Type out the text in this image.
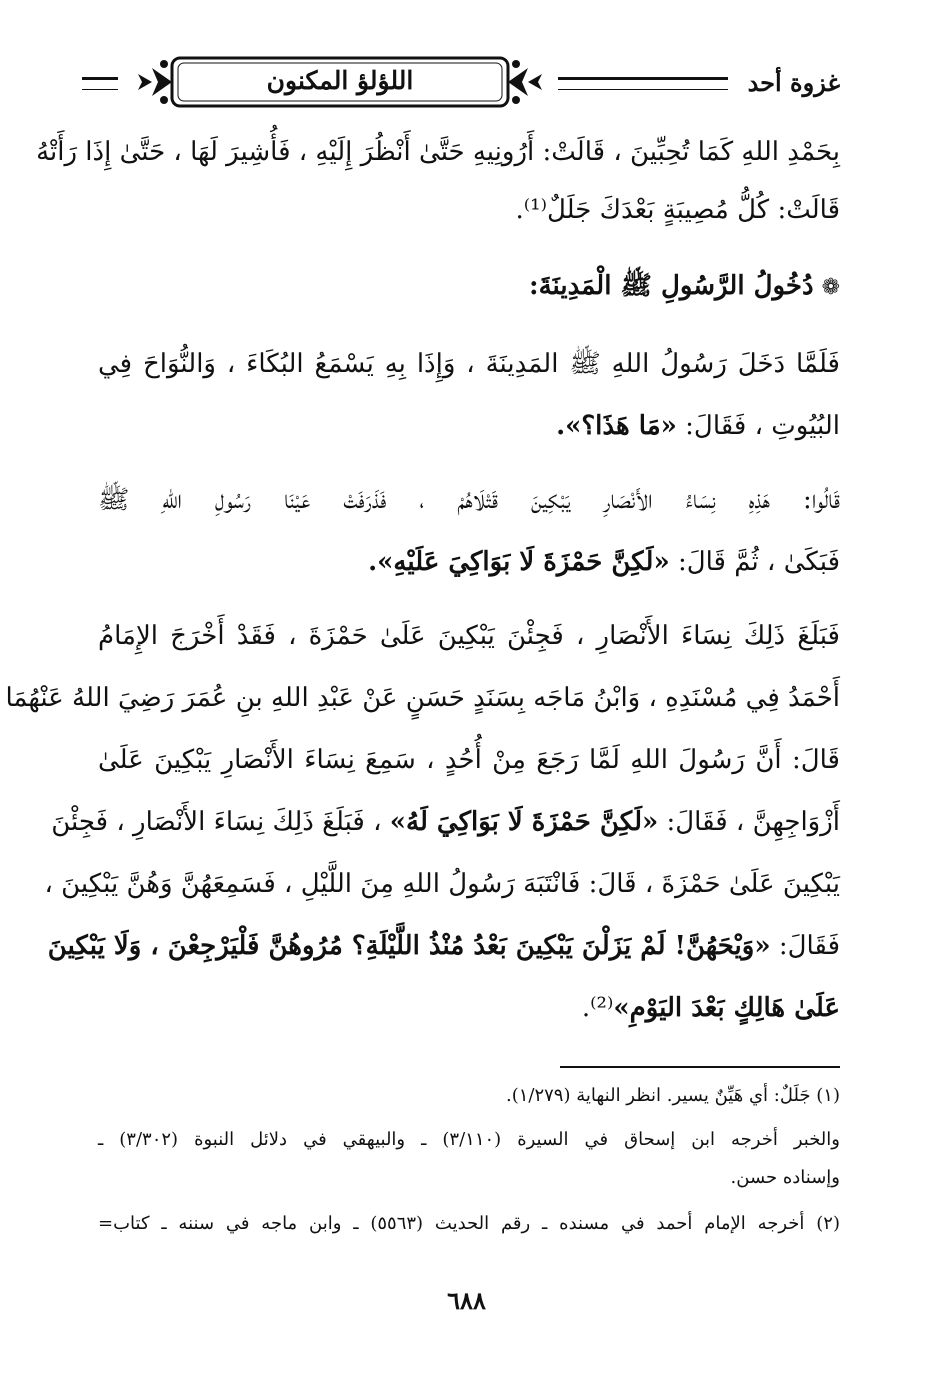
غزوة أحد
اللؤلؤ المكنون
بِحَمْدِ اللهِ كَمَا تُحِبِّينَ ، قَالَتْ: أَرُونِيهِ حَتَّىٰ أَنْظُرَ إِلَيْهِ ، فَأُشِيرَ لَهَا ، حَتَّىٰ إِذَا رَأَتْهُ
قَالَتْ: كُلُّ مُصِيبَةٍ بَعْدَكَ جَلَلٌ⁽¹⁾.
❁دُخُولُ الرَّسُولِ ﷺ الْمَدِينَةَ:
فَلَمَّا دَخَلَ رَسُولُ اللهِ ﷺ المَدِينَةَ ، وَإِذَا بِهِ يَسْمَعُ البُكَاءَ ، وَالنُّوَاحَ فِي
البُيُوتِ ، فَقَالَ: «مَا هَذَا؟».
قَالُوا: هَذِهِ نِسَاءُ الأَنْصَارِ يَبْكِينَ قَتْلَاهُمْ ، فَذَرَفَتْ عَيْنَا رَسُولِ اللهِ ﷺ
فَبَكَىٰ ، ثُمَّ قَالَ: «لَكِنَّ حَمْزَةَ لَا بَوَاكِيَ عَلَيْهِ».
فَبَلَغَ ذَلِكَ نِسَاءَ الأَنْصَارِ ، فَجِئْنَ يَبْكِينَ عَلَىٰ حَمْزَةَ ، فَقَدْ أَخْرَجَ الإِمَامُ
أَحْمَدُ فِي مُسْنَدِهِ ، وَابْنُ مَاجَه بِسَنَدٍ حَسَنٍ عَنْ عَبْدِ اللهِ بنِ عُمَرَ رَضِيَ اللهُ عَنْهُمَا
قَالَ: أَنَّ رَسُولَ اللهِ لَمَّا رَجَعَ مِنْ أُحُدٍ ، سَمِعَ نِسَاءَ الأَنْصَارِ يَبْكِينَ عَلَىٰ
أَزْوَاجِهِنَّ ، فَقَالَ: «لَكِنَّ حَمْزَةَ لَا بَوَاكِيَ لَهُ» ، فَبَلَغَ ذَلِكَ نِسَاءَ الأَنْصَارِ ، فَجِئْنَ
يَبْكِينَ عَلَىٰ حَمْزَةَ ، قَالَ: فَانْتَبَهَ رَسُولُ اللهِ مِنَ اللَّيْلِ ، فَسَمِعَهُنَّ وَهُنَّ يَبْكِينَ ،
فَقَالَ: «وَيْحَهُنَّ! لَمْ يَزَلْنَ يَبْكِينَ بَعْدُ مُنْذُ اللَّيْلَةِ؟ مُرُوهُنَّ فَلْيَرْجِعْنَ ، وَلَا يَبْكِينَ
عَلَىٰ هَالِكٍ بَعْدَ اليَوْمِ»⁽²⁾.
(١) جَلَلٌ: أي هَيِّنٌ يسير. انظر النهاية (١/٢٧٩).
والخبر أخرجه ابن إسحاق في السيرة (٣/١١٠) ـ والبيهقي في دلائل النبوة (٣/٣٠٢) ـ
وإسناده حسن.
(٢) أخرجه الإمام أحمد في مسنده ـ رقم الحديث (٥٥٦٣) ـ وابن ماجه في سننه ـ كتاب=
٦٨٨
